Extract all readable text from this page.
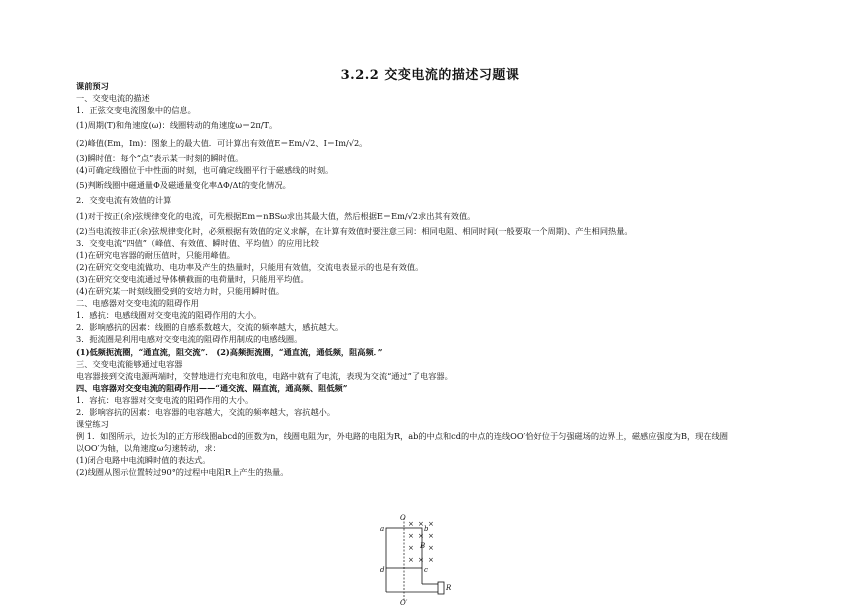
3.2.2 交变电流的描述习题课
课前预习
一、交变电流的描述
1．正弦交变电流图象中的信息。
(1)周期(T)和角速度(ω)：线圈转动的角速度ω＝2π/T。
(2)峰值(Em，Im)：图象上的最大值．可计算出有效值E＝Em/√2、I＝Im/√2。
(3)瞬时值：每个“点”表示某一时刻的瞬时值。
(4)可确定线圈位于中性面的时刻，也可确定线圈平行于磁感线的时刻。
(5)判断线圈中磁通量Φ及磁通量变化率ΔΦ/Δt的变化情况。
2．交变电流有效值的计算
(1)对于按正(余)弦规律变化的电流，可先根据Em＝nBSω求出其最大值，然后根据E＝Em/√2求出其有效值。
(2)当电流按非正(余)弦规律变化时，必须根据有效值的定义求解，在计算有效值时要注意三同：相同电阻、相同时间(一般要取一个周期)、产生相同热量。
3．交变电流“四值”（峰值、有效值、瞬时值、平均值）的应用比较
(1)在研究电容器的耐压值时，只能用峰值。
(2)在研究交变电流做功、电功率及产生的热量时，只能用有效值，交流电表显示的也是有效值。
(3)在研究交变电流通过导体横截面的电荷量时，只能用平均值。
(4)在研究某一时刻线圈受到的安培力时，只能用瞬时值。
二、电感器对交变电流的阻碍作用
1．感抗：电感线圈对交变电流的阻碍作用的大小。
2．影响感抗的因素：线圈的自感系数越大，交流的频率越大，感抗越大。
3．扼流圈是利用电感对交变电流的阻碍作用制成的电感线圈。
(1)低频扼流圈，“通直流，阻交流”． (2)高频扼流圈，“通直流，通低频，阻高频．”
三、交变电流能够通过电容器
电容器接到交流电源两端时，交替地进行充电和放电，电路中就有了电流，表现为交流“通过”了电容器。
四、电容器对交变电流的阻碍作用——“通交流、隔直流，通高频、阻低频”
1．容抗：电容器对交变电流的阻碍作用的大小。
2．影响容抗的因素：电容器的电容越大，交流的频率越大，容抗越小。
课堂练习
例 1．如图所示，边长为l的正方形线圈abcd的匝数为n，线圈电阻为r，外电路的电阻为R，ab的中点和cd的中点的连线OO′恰好位于匀强磁场的边界上，磁感应强度为B，现在线圈
以OO′为轴，以角速度ω匀速转动，求：
(1)闭合电路中电流瞬时值的表达式。
(2)线圈从图示位置转过90°的过程中电阻R上产生的热量。
× × ×
× × ×
× ×
× × ×
O
O′
a	b
c
d
B
R
